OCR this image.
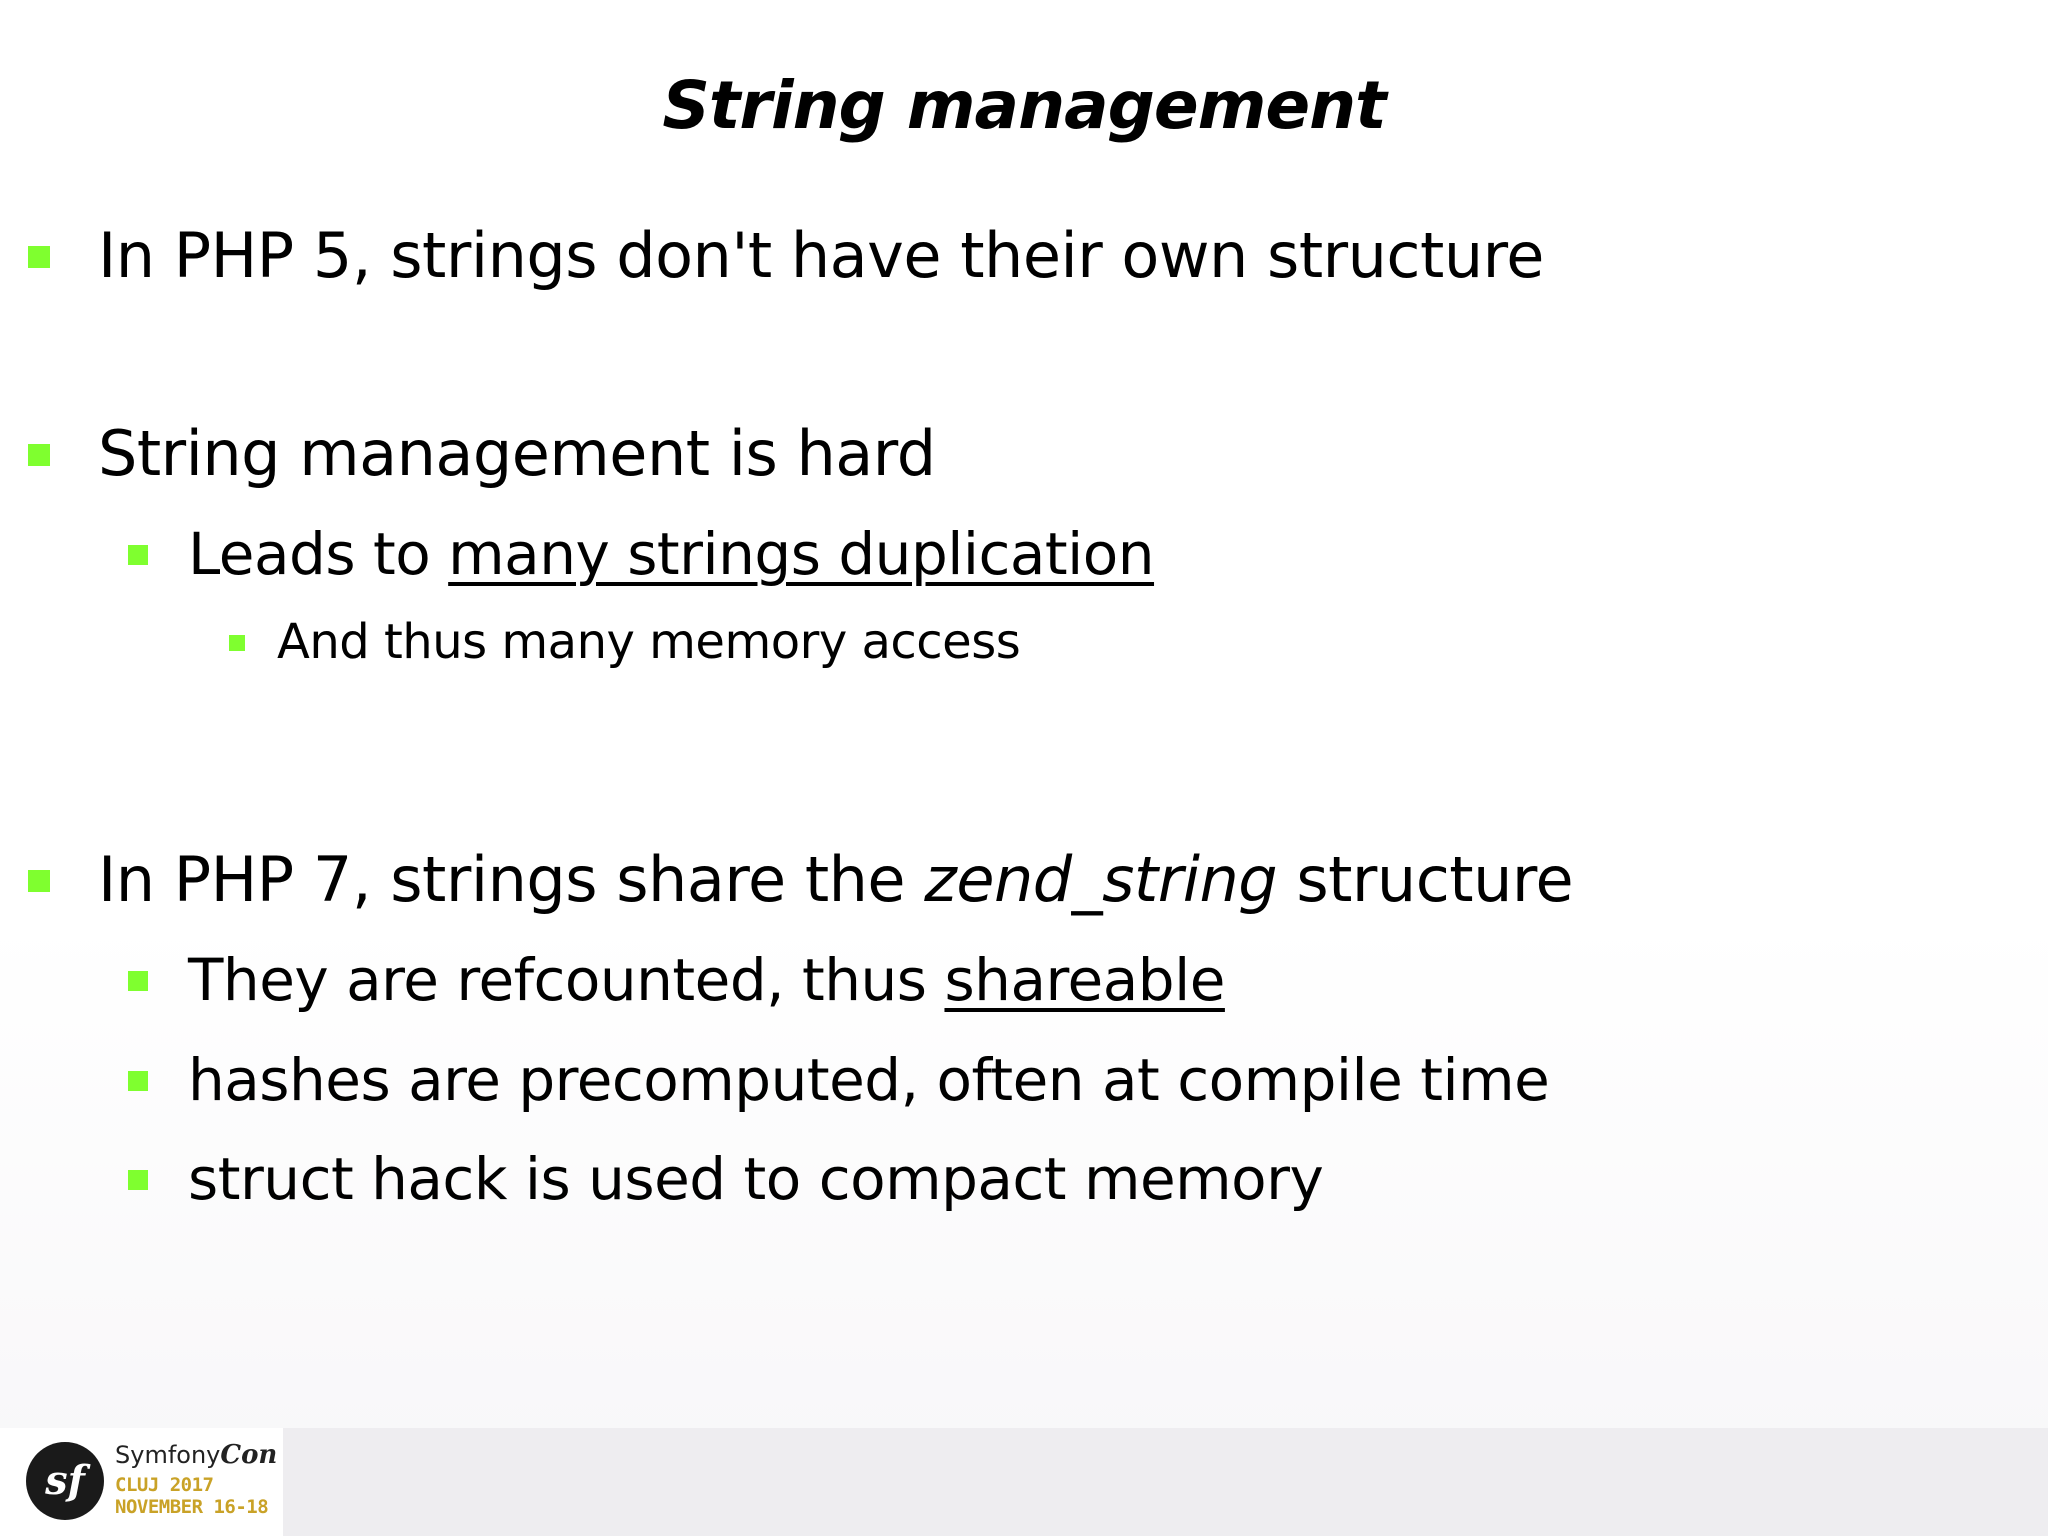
String management
In PHP 5, strings don't have their own structure
String management is hard
Leads to many strings duplication
And thus many memory access
In PHP 7, strings share the zend_string structure
They are refcounted, thus shareable
hashes are precomputed, often at compile time
struct hack is used to compact memory
sf
SymfonyCon
CLUJ 2017
NOVEMBER 16-18
